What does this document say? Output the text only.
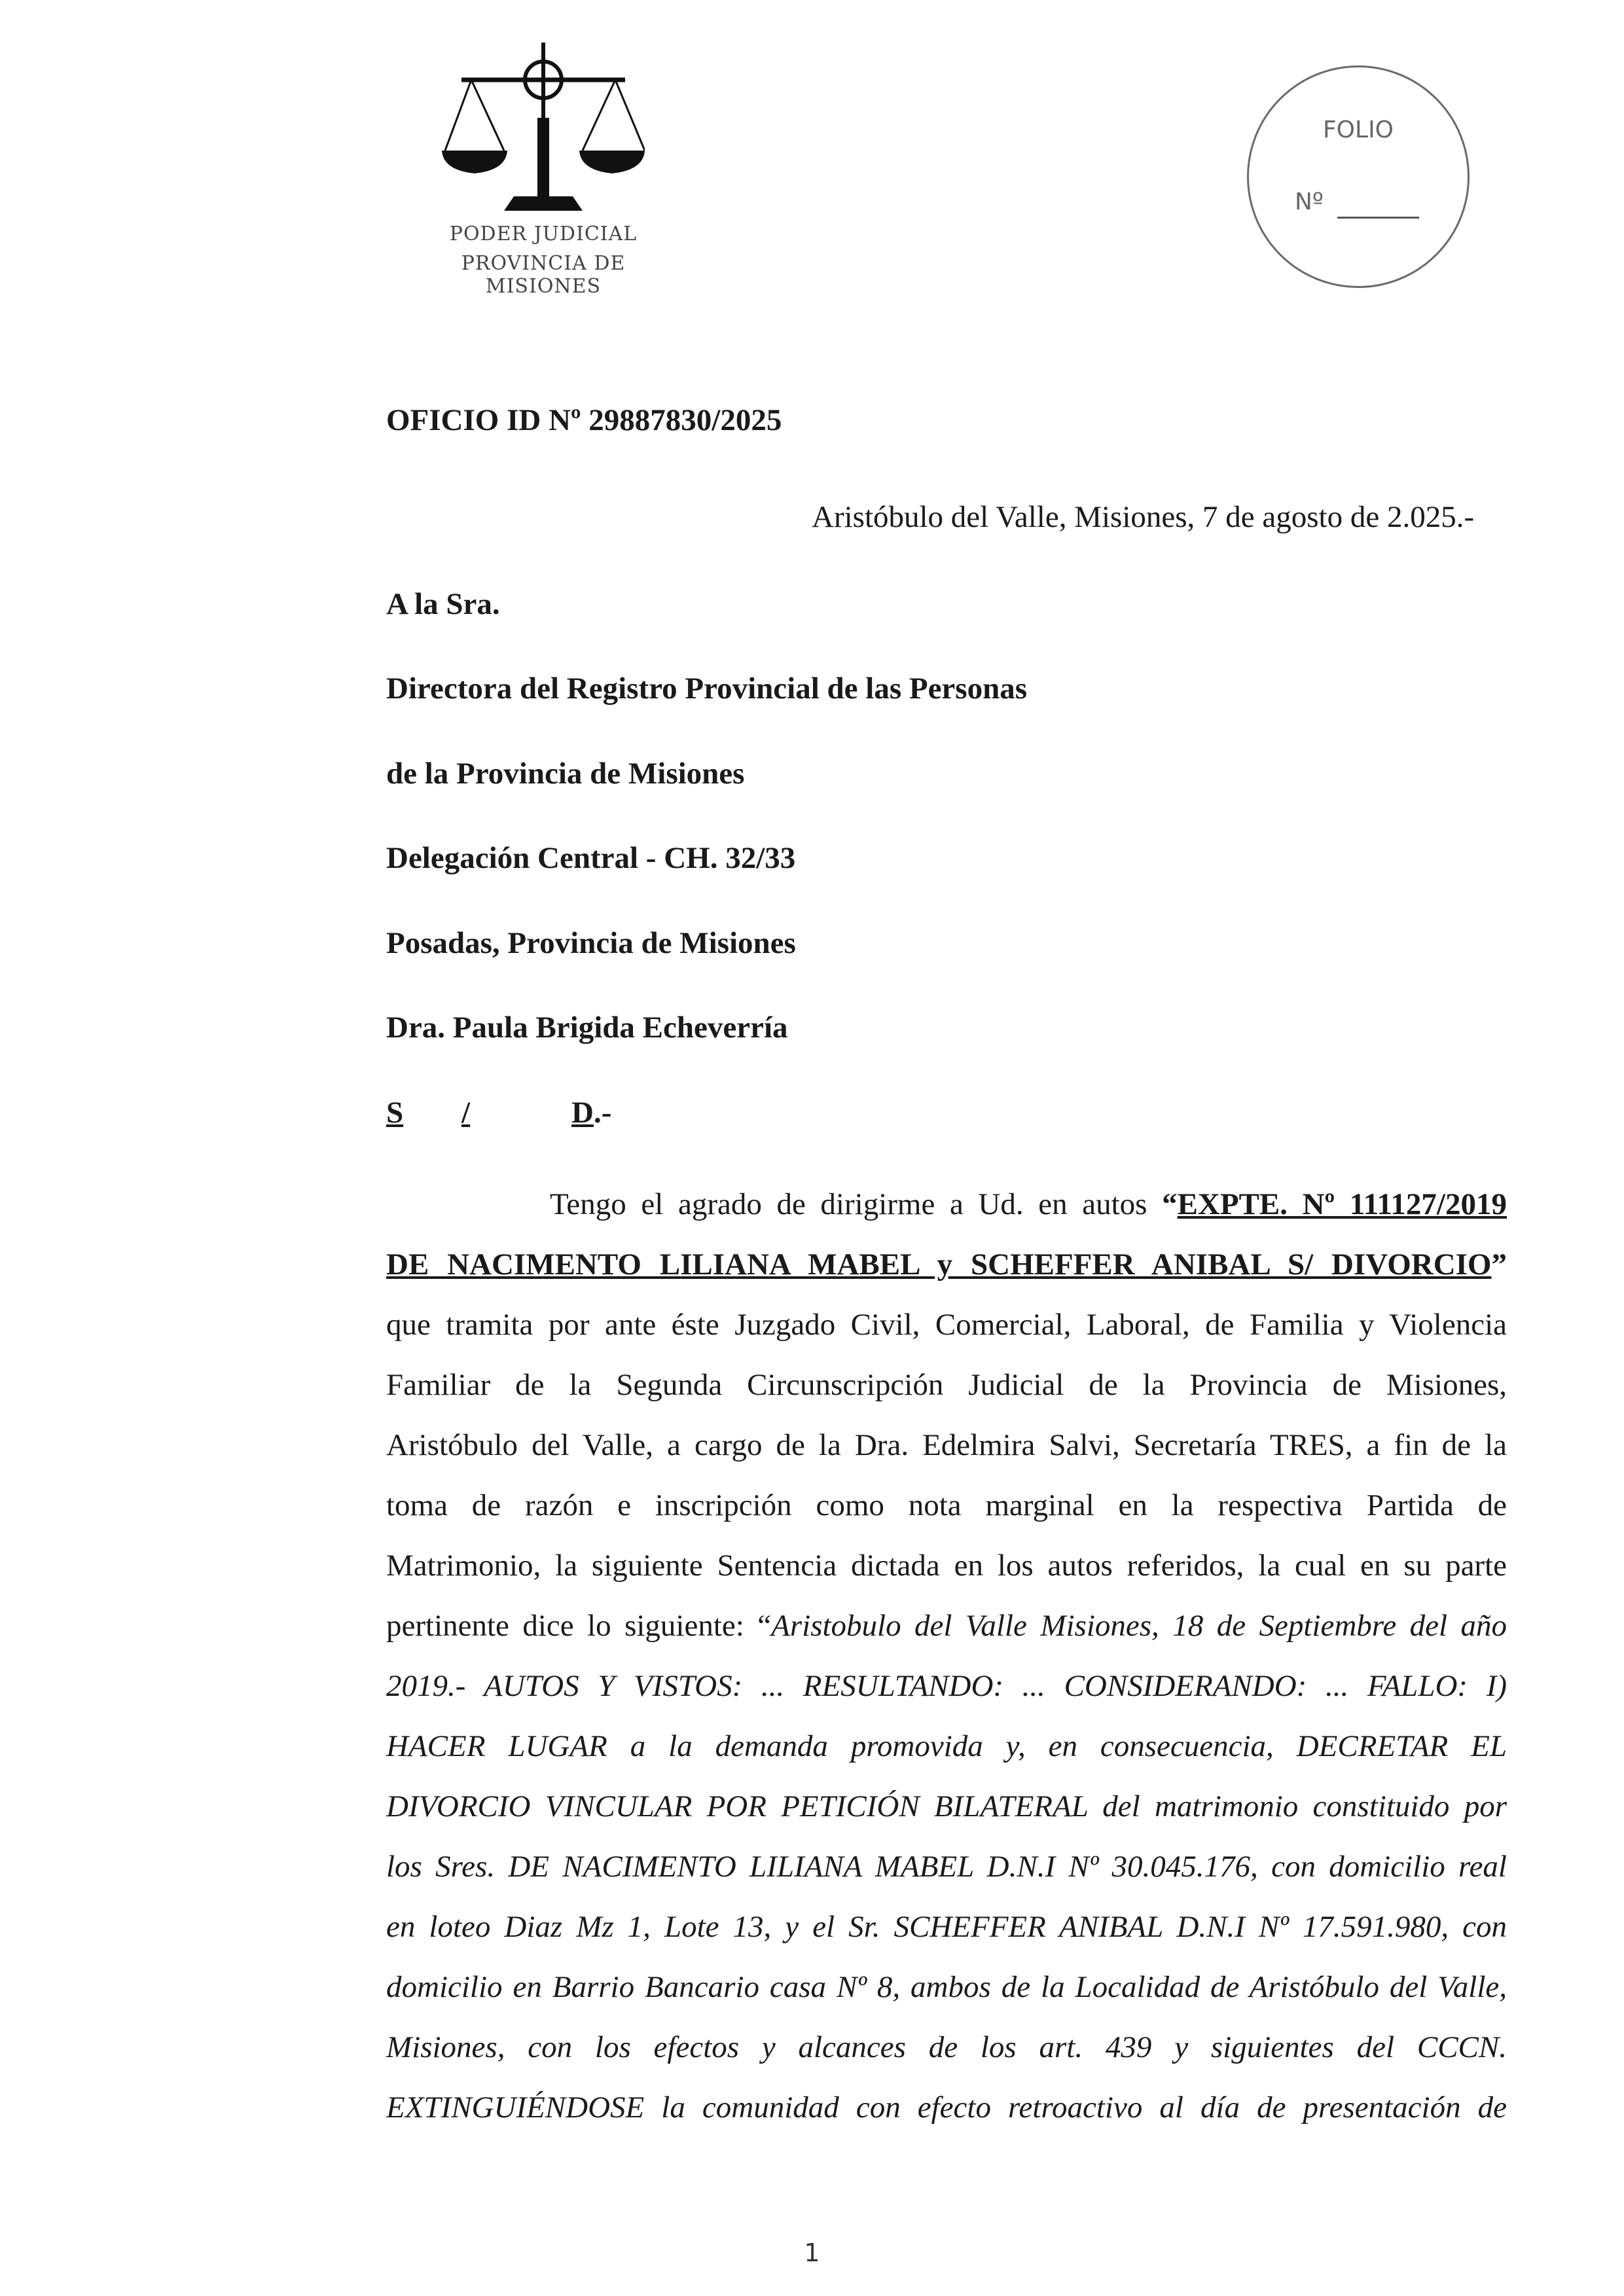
PODER JUDICIAL
PROVINCIA DE MISIONES
FOLIO
Nº
OFICIO ID Nº 29887830/2025
Aristóbulo del Valle, Misiones, 7 de agosto de 2.025.-
A la Sra.
Directora del Registro Provincial de las Personas
de la Provincia de Misiones
Delegación Central - CH. 32/33
Posadas, Provincia de Misiones
Dra. Paula Brigida Echeverría
S /	D.-
Tengo el agrado de dirigirme a Ud. en autos “EXPTE. Nº 111127/2019
DE NACIMENTO LILIANA MABEL y SCHEFFER ANIBAL S/ DIVORCIO”
que tramita por ante éste Juzgado Civil, Comercial, Laboral, de Familia y Violencia
Familiar de la Segunda Circunscripción Judicial de la Provincia de Misiones,
Aristóbulo del Valle, a cargo de la Dra. Edelmira Salvi, Secretaría TRES, a fin de la
toma de razón e inscripción como nota marginal en la respectiva Partida de
Matrimonio, la siguiente Sentencia dictada en los autos referidos, la cual en su parte
pertinente dice lo siguiente: “Aristobulo del Valle Misiones, 18 de Septiembre del año
2019.- AUTOS Y VISTOS: ... RESULTANDO: ... CONSIDERANDO: ... FALLO: I)
HACER LUGAR a la demanda promovida y, en consecuencia, DECRETAR EL
DIVORCIO VINCULAR POR PETICIÓN BILATERAL del matrimonio constituido por
los Sres. DE NACIMENTO LILIANA MABEL D.N.I Nº 30.045.176, con domicilio real
en loteo Diaz Mz 1, Lote 13, y el Sr. SCHEFFER ANIBAL D.N.I Nº 17.591.980, con
domicilio en Barrio Bancario casa Nº 8, ambos de la Localidad de Aristóbulo del Valle,
Misiones, con los efectos y alcances de los art. 439 y siguientes del CCCN.
EXTINGUIÉNDOSE la comunidad con efecto retroactivo al día de presentación de
1
